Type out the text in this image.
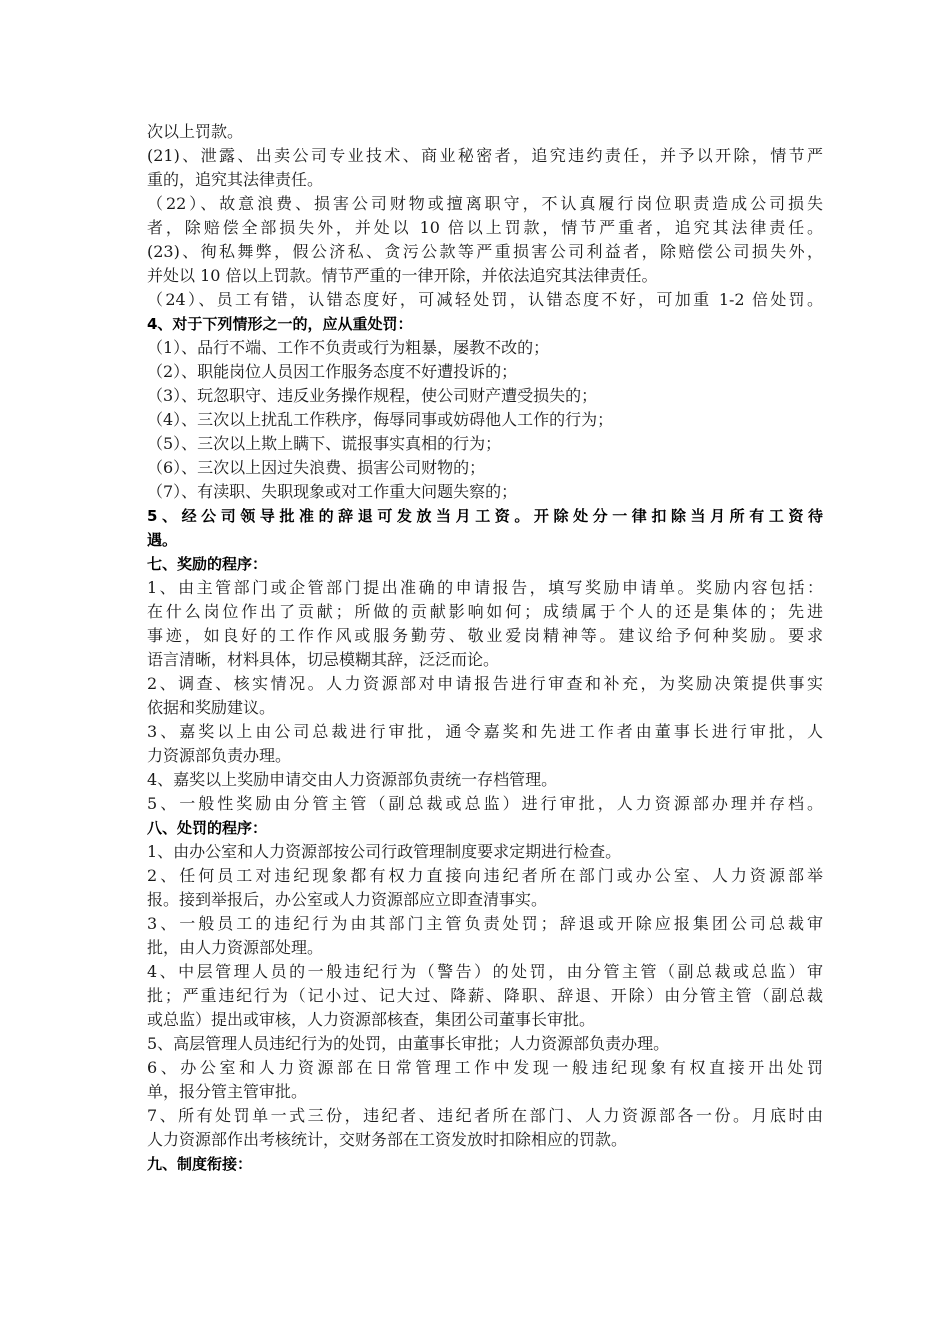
次以上罚款。
(21)、泄露、出卖公司专业技术、商业秘密者，追究违约责任，并予以开除，情节严
重的，追究其法律责任。
（22）、故意浪费、损害公司财物或擅离职守，不认真履行岗位职责造成公司损失
者，除赔偿全部损失外，并处以 10 倍以上罚款，情节严重者，追究其法律责任。
(23)、徇私舞弊，假公济私、贪污公款等严重损害公司利益者，除赔偿公司损失外，
并处以 10 倍以上罚款。情节严重的一律开除，并依法追究其法律责任。
（24）、员工有错，认错态度好，可减轻处罚，认错态度不好，可加重 1-2 倍处罚。
4、对于下列情形之一的，应从重处罚：
（1）、品行不端、工作不负责或行为粗暴，屡教不改的；
（2）、职能岗位人员因工作服务态度不好遭投诉的；
（3）、玩忽职守、违反业务操作规程，使公司财产遭受损失的；
（4）、三次以上扰乱工作秩序，侮辱同事或妨碍他人工作的行为；
（5）、三次以上欺上瞒下、谎报事实真相的行为；
（6）、三次以上因过失浪费、损害公司财物的；
（7）、有渎职、失职现象或对工作重大问题失察的；
5、经公司领导批准的辞退可发放当月工资。开除处分一律扣除当月所有工资待
遇。
七、奖励的程序：
1、由主管部门或企管部门提出准确的申请报告，填写奖励申请单。奖励内容包括：
在什么岗位作出了贡献；所做的贡献影响如何；成绩属于个人的还是集体的；先进
事迹，如良好的工作作风或服务勤劳、敬业爱岗精神等。建议给予何种奖励。要求
语言清晰，材料具体，切忌模糊其辞，泛泛而论。
2、调查、核实情况。人力资源部对申请报告进行审查和补充，为奖励决策提供事实
依据和奖励建议。
3、嘉奖以上由公司总裁进行审批，通令嘉奖和先进工作者由董事长进行审批，人
力资源部负责办理。
4、嘉奖以上奖励申请交由人力资源部负责统一存档管理。
5、一般性奖励由分管主管（副总裁或总监）进行审批，人力资源部办理并存档。
八、处罚的程序：
1、由办公室和人力资源部按公司行政管理制度要求定期进行检查。
2、任何员工对违纪现象都有权力直接向违纪者所在部门或办公室、人力资源部举
报。接到举报后，办公室或人力资源部应立即查清事实。
3、一般员工的违纪行为由其部门主管负责处罚；辞退或开除应报集团公司总裁审
批，由人力资源部处理。
4、中层管理人员的一般违纪行为（警告）的处罚，由分管主管（副总裁或总监）审
批；严重违纪行为（记小过、记大过、降薪、降职、辞退、开除）由分管主管（副总裁
或总监）提出或审核，人力资源部核查，集团公司董事长审批。
5、高层管理人员违纪行为的处罚，由董事长审批；人力资源部负责办理。
6、办公室和人力资源部在日常管理工作中发现一般违纪现象有权直接开出处罚
单，报分管主管审批。
7、所有处罚单一式三份，违纪者、违纪者所在部门、人力资源部各一份。月底时由
人力资源部作出考核统计，交财务部在工资发放时扣除相应的罚款。
九、制度衔接：
